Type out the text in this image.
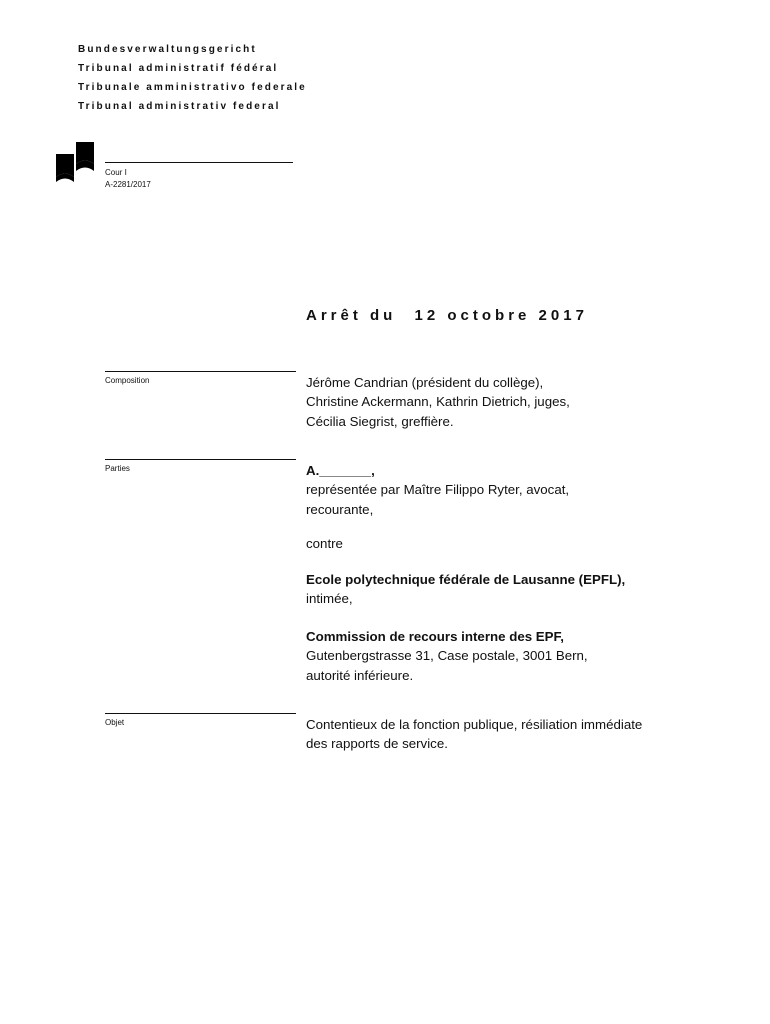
Bundesverwaltungsgericht
Tribunal administratif fédéral
Tribunale amministrativo federale
Tribunal administrativ federal
Cour I
A-2281/2017
Arrêt du 12 octobre 2017
Composition	Jérôme Candrian (président du collège),

Christine Ackermann, Kathrin Dietrich, juges,

Cécilia Siegrist, greffière.

Parties	A._______,

représentée par Maître Filippo Ryter, avocat,

recourante,

contre

Ecole polytechnique fédérale de Lausanne (EPFL),

intimée,

Commission de recours interne des EPF,

Gutenbergstrasse 31, Case postale, 3001 Bern,

autorité inférieure.

Objet	Contentieux de la fonction publique, résiliation immédiate

des rapports de service.
